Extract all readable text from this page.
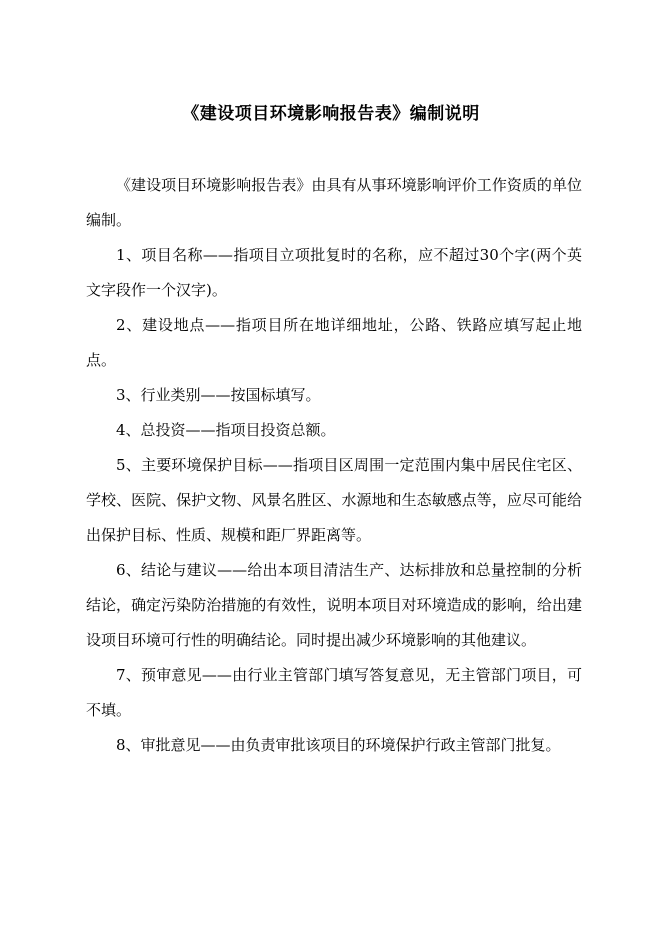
《建设项目环境影响报告表》编制说明

《建设项目环境影响报告表》由具有从事环境影响评价工作资质的单位编制。

1、项目名称——指项目立项批复时的名称，应不超过30个字(两个英文字段作一个汉字)。

2、建设地点——指项目所在地详细地址，公路、铁路应填写起止地点。

3、行业类别——按国标填写。

4、总投资——指项目投资总额。

5、主要环境保护目标——指项目区周围一定范围内集中居民住宅区、学校、医院、保护文物、风景名胜区、水源地和生态敏感点等，应尽可能给出保护目标、性质、规模和距厂界距离等。

6、结论与建议——给出本项目清洁生产、达标排放和总量控制的分析结论，确定污染防治措施的有效性，说明本项目对环境造成的影响，给出建设项目环境可行性的明确结论。同时提出减少环境影响的其他建议。

7、预审意见——由行业主管部门填写答复意见，无主管部门项目，可不填。

8、审批意见——由负责审批该项目的环境保护行政主管部门批复。
